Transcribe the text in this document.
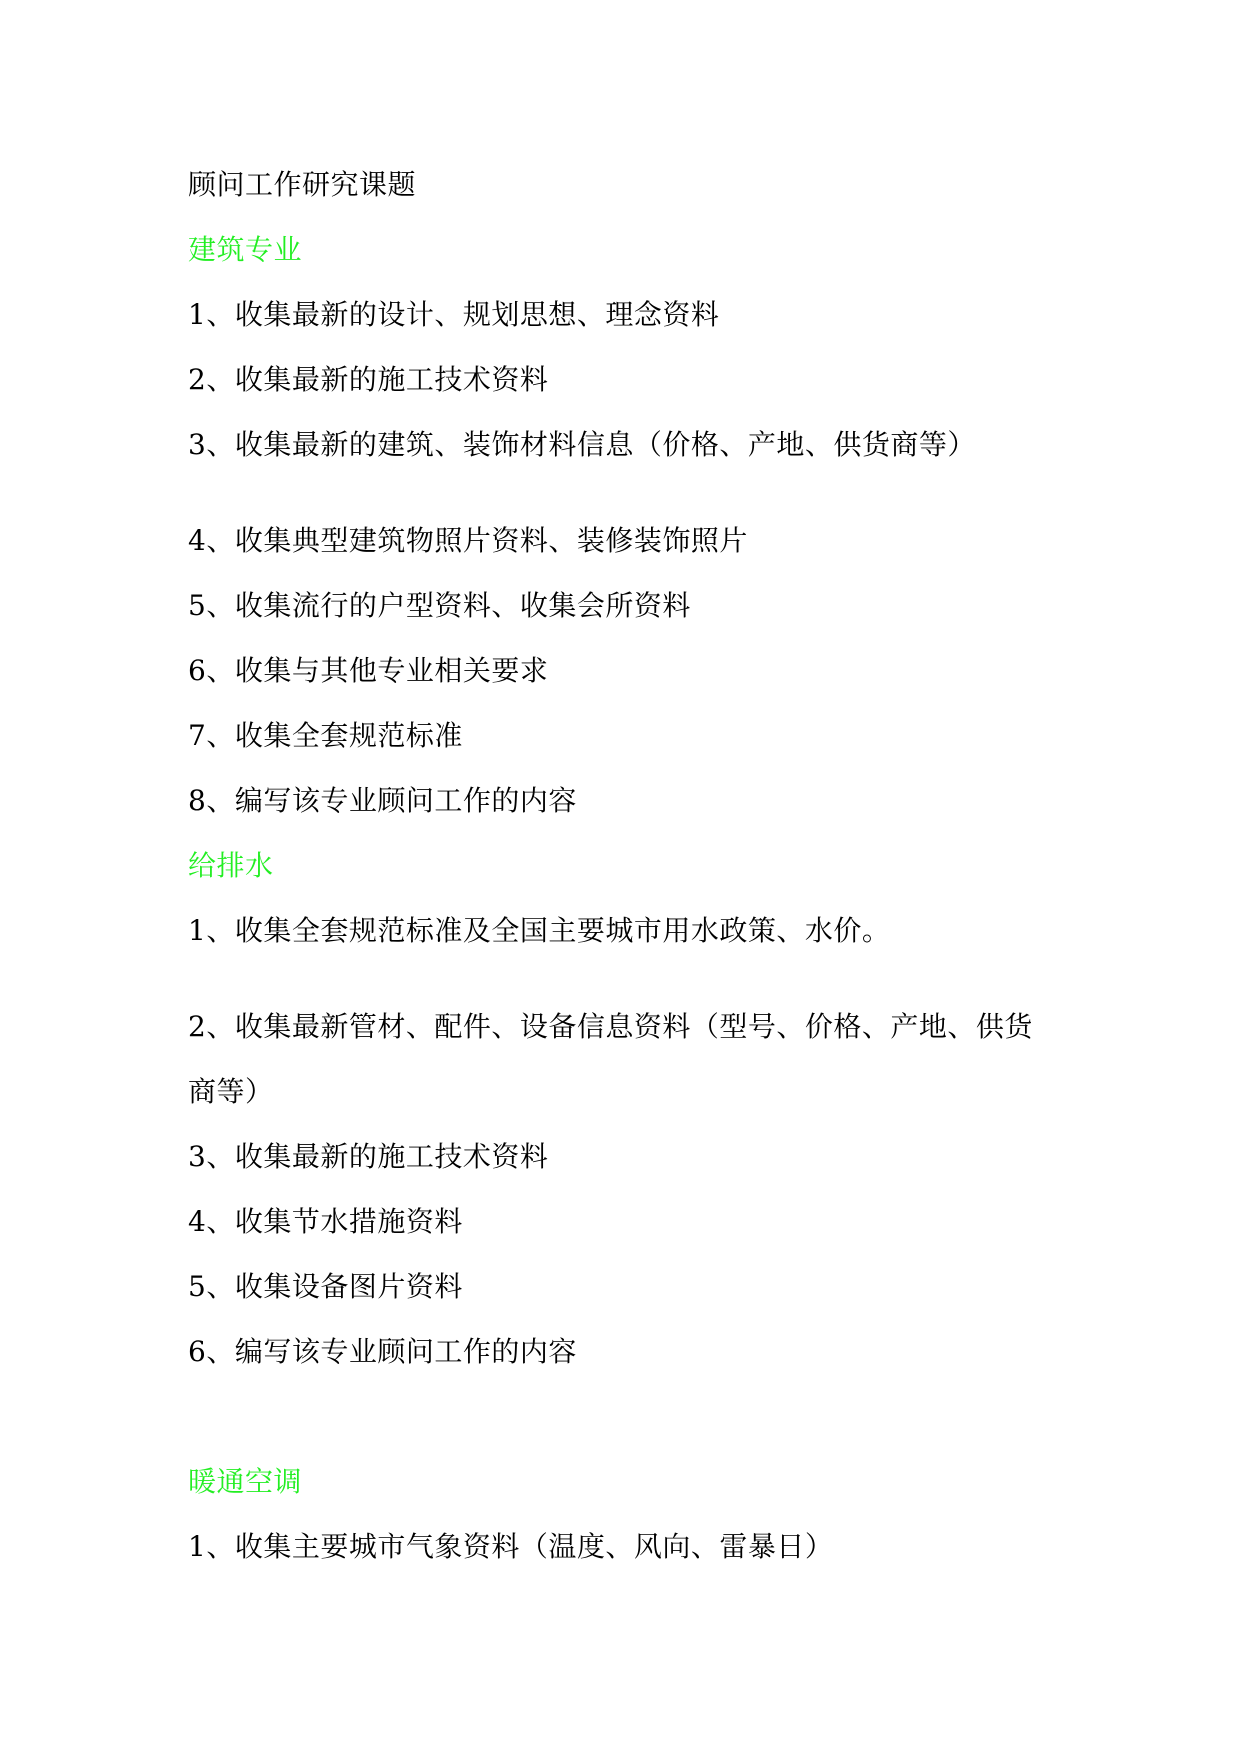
顾问工作研究课题
建筑专业
1、收集最新的设计、规划思想、理念资料
2、收集最新的施工技术资料
3、收集最新的建筑、装饰材料信息（价格、产地、供货商等）
4、收集典型建筑物照片资料、装修装饰照片
5、收集流行的户型资料、收集会所资料
6、收集与其他专业相关要求
7、收集全套规范标准
8、编写该专业顾问工作的内容
给排水
1、收集全套规范标准及全国主要城市用水政策、水价。
2、收集最新管材、配件、设备信息资料（型号、价格、产地、供货
商等）
3、收集最新的施工技术资料
4、收集节水措施资料
5、收集设备图片资料
6、编写该专业顾问工作的内容
暖通空调
1、收集主要城市气象资料（温度、风向、雷暴日）
